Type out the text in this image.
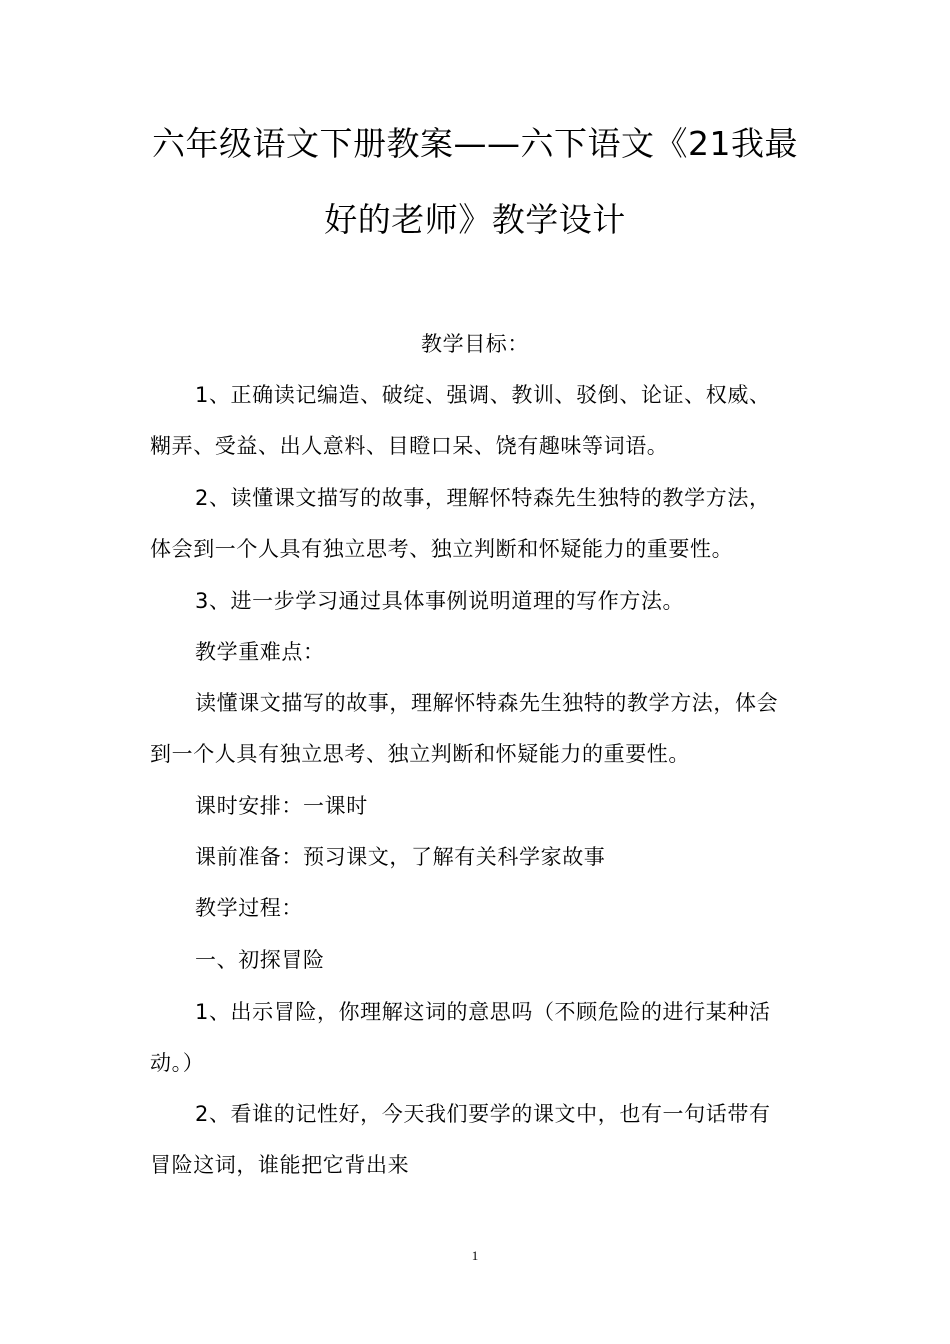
六年级语文下册教案——六下语文《21我最
好的老师》教学设计
教学目标：
1、正确读记编造、破绽、强调、教训、驳倒、论证、权威、
糊弄、受益、出人意料、目瞪口呆、饶有趣味等词语。
2、读懂课文描写的故事，理解怀特森先生独特的教学方法，
体会到一个人具有独立思考、独立判断和怀疑能力的重要性。
3、进一步学习通过具体事例说明道理的写作方法。
教学重难点：
读懂课文描写的故事，理解怀特森先生独特的教学方法，体会
到一个人具有独立思考、独立判断和怀疑能力的重要性。
课时安排：一课时
课前准备：预习课文，了解有关科学家故事
教学过程：
一、初探冒险
1、出示冒险，你理解这词的意思吗（不顾危险的进行某种活
动。）
2、看谁的记性好，今天我们要学的课文中，也有一句话带有
冒险这词，谁能把它背出来
1
